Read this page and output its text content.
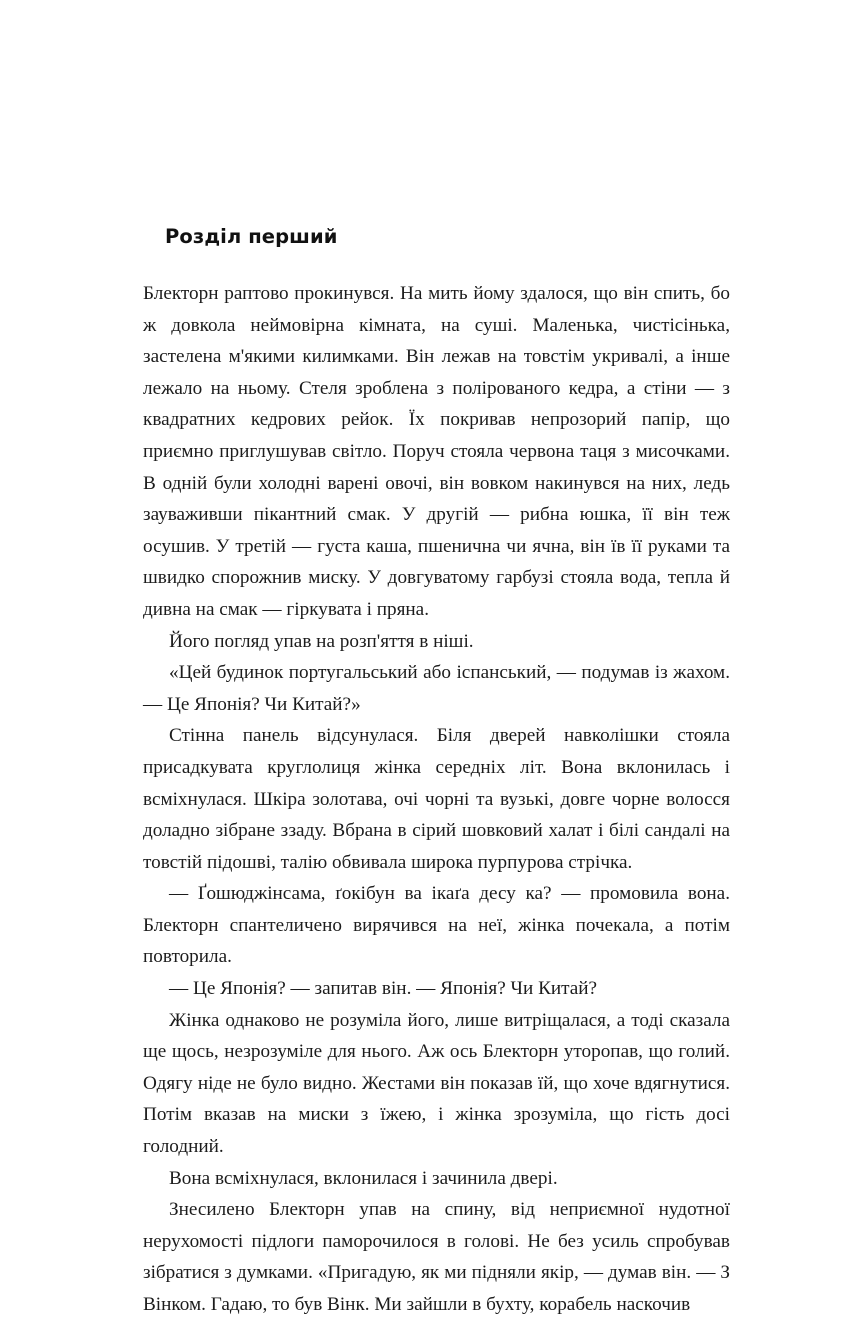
Розділ перший

Блекторн раптово прокинувся. На мить йому здалося, що він спить, бо ж довкола неймовірна кімната, на суші. Маленька, чистісінька, застелена м'якими килимками. Він лежав на товстім укривалі, а інше лежало на ньому. Стеля зроблена з полірованого кедра, а стіни — з квадратних кедрових рейок. Їх покривав непрозорий папір, що приємно приглушував світло. Поруч стояла червона таця з мисочками. В одній були холодні варені овочі, він вовком накинувся на них, ледь зауваживши пікантний смак. У другій — рибна юшка, її він теж осушив. У третій — густа каша, пшенична чи ячна, він їв її руками та швидко спорожнив миску. У довгуватому гарбузі стояла вода, тепла й дивна на смак — гіркувата і пряна.

Його погляд упав на розп'яття в ніші.

«Цей будинок португальський або іспанський, — подумав із жахом. — Це Японія? Чи Китай?»

Стінна панель відсунулася. Біля дверей навколішки стояла присадкувата круглолиця жінка середніх літ. Вона вклонилась і всміхнулася. Шкіра золотава, очі чорні та вузькі, довге чорне волосся доладно зібране ззаду. Вбрана в сірий шовковий халат і білі сандалі на товстій підошві, талію обвивала широка пурпурова стрічка.

— Ґошюджінсама, ґокібун ва ікаґа десу ка? — промовила вона. Блекторн спантеличено вирячився на неї, жінка почекала, а потім повторила.

— Це Японія? — запитав він. — Японія? Чи Китай?

Жінка однаково не розуміла його, лише витріщалася, а тоді сказала ще щось, незрозуміле для нього. Аж ось Блекторн уторопав, що голий. Одягу ніде не було видно. Жестами він показав їй, що хоче вдягнутися. Потім вказав на миски з їжею, і жінка зрозуміла, що гість досі голодний.

Вона всміхнулася, вклонилася і зачинила двері.

Знесилено Блекторн упав на спину, від неприємної нудотної нерухомості підлоги паморочилося в голові. Не без усиль спробував зібратися з думками. «Пригадую, як ми підняли якір, — думав він. — З Вінком. Гадаю, то був Вінк. Ми зайшли в бухту, корабель наскочив
